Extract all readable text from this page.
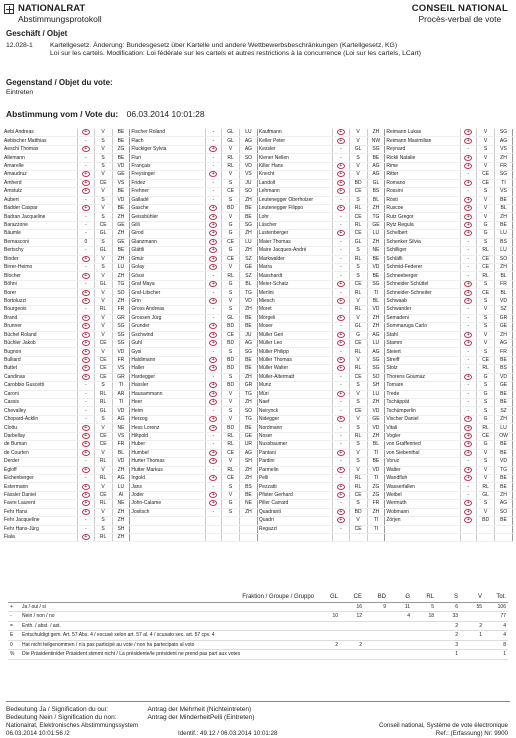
NATIONALRAT
Abstimmungsprotokoll
CONSEIL NATIONAL
Procès-verbal de vote
Geschäft / Objet
12.028-1	Kartellgesetz. Änderung: Bundesgesetz über Kartelle und andere Wettbewerbsbeschränkungen (Kartellgesetz, KG)
Loi sur les cartels. Modification: Loi fédérale sur les cartels et autres restrictions à la concurrence (Loi sur les cartels, LCart)
Gegenstand / Objet du vote:
Eintreten
Abstimmung vom / Vote du: 06.03.2014 10:01:28
Aebi Andreas	+	V	BE	Fischer Roland	-	GL	LU	Kaufmann	+	V	ZH	Reimann Lukas	+	V	SG
Aebischer Matthias	-	S	BE	Flach	-	GL	AG	Keller Peter	+	V	NW	Reimann Maximilian	+	V	AG
Aeschi Thomas	+	V	ZG	Fluckiger Sylvia	+	V	AG	Kessler	-	GL	SG	Reynard	-	S	VS
Allemann	-	S	BE	Fluri	-	RL	SO	Kiener Nellen	-	S	BE	Rickli Natalie	+	V	ZH
Amarelle	-	S	VD	Français	-	RL	VD	Killer Hans	+	V	AG	Rime	+	V	FR
Amaudruz	+	V	GE	Freysinger	+	V	VS	Knecht	+	V	AG	Ritter	-	CE	SG
Amherd	+	CE	VS	Fridez	-	S	JU	Landolt	+	BD	GL	Romano	+	CE	TI
Amstutz	+	V	BE	Frehner	-	CE	SO	Lehmann	+	CE	BS	Rossini	-	S	VS
Aubert	-	S	VD	Galladé	-	S	ZH	Leutenegger Oberholzer	-	S	BL	Rösti	+	V	BE
Badder Caspar	+	V	BE	Gasche	+	BD	BE	Leutenegger Filippo	+	RL	ZH	Ruscoe	+	V	BL
Badran Jacqueline	-	S	ZH	Geissbühler	+	V	BE	Lohr	-	CE	TG	Rutz Gregor	+	V	ZH
Barazzone	-	CE	GE	Gilli	+	G	SG	Lüscher	-	RL	GE	Rytz Regula	+	G	BE
Bäumle	-	GL	ZH	Girod	+	G	ZH	Lustenberger	+	CE	LU	Schelbert	+	G	LU
Bernasconi	0	S	GE	Glanzmann	+	CE	LU	Maier Thomas	-	GL	ZH	Schenker Silvia	-	S	BS
Bertschy	-	GL	BE	Glättli	+	G	ZH	Maire Jacques-André	-	S	NE	Schilliger	-	RL	LU
Binder	+	V	ZH	Gmür	+	CE	SZ	Markwalder	-	RL	BE	Schläfli	-	CE	SO
Birrer-Heimo	-	S	LU	Golay	+	V	GE	Marra	-	S	VD	Schmid-Federer	-	CE	ZH
Blocher	+	V	ZH	Gössi	-	RL	SZ	Masshardt	-	S	BE	Schneeberger	-	RL	BL
Böhni	-	GL	TG	Graf Maya	+	G	BL	Meier-Schatz	+	CE	SG	Schneider Schüttel	+	S	FR
Borer	+	V	SO	Graf-Litscher	-	S	TG	Merlini	-	RL	TI	Schneider-Schneiter	+	CE	BL
Bortoluzzi	+	V	ZH	Grin	+	V	VD	Miesch	+	V	BL	Schwaab	+	S	VD
Bourgeois	-	RL	FR	Gross Andreas	-	S	ZH	Moret	-	RL	VD	Schwander	-	V	SZ
Brand	+	V	GR	Grossen Jürg	-	GL	BE	Mörgeli	+	V	ZH	Semadeni	-	S	GR
Brunner	+	V	SG	Grunder	+	BD	BE	Moser	-	GL	ZH	Sommaruga Carlo	-	S	GE
Büchel Roland	+	V	SG	Gschwind	+	CE	JU	Müller Geri	+	G	AG	Stahl	+	V	ZH
Büchler Jakob	+	CE	SG	Guhl	+	BD	AG	Müller Leo	+	CE	LU	Stamm	+	V	AG
Bugnon	+	V	VD	Gysi	-	S	SG	Müller Philipp	-	RL	AG	Steiert	-	S	FR
Bulliard	+	CE	FR	Haldimann	+	BD	BE	Müller Thomas	+	V	SG	Streiff	-	CE	BE
Buttet	+	CE	VS	Haller	+	BD	BE	Müller Walter	+	RL	SG	Stolz	-	RL	BS
Candinas	+	CE	GR	Hardegger	-	S	ZH	Müller-Altermatt	-	CE	SO	Thorens Goumaz	+	G	VD
Carobbio Guscetti	-	S	TI	Hassler	+	BD	GR	Munz	-	S	SH	Tornare	-	S	GE
Caroni	-	RL	AR	Hausammann	+	V	TG	Müri	+	V	LU	Trede	-	G	BE
Cassis	-	RL	TI	Heer	+	V	ZH	Naef	-	S	ZH	Tschäppät	-	S	BE
Chevalley	-	GL	VD	Heim	-	S	SO	Neirynck	-	CE	VD	Tschümperlin	-	S	SZ
Chopard-Acklin	-	S	AG	Herzog	+	V	TG	Nidegger	+	V	GE	Vischer Daniel	+	G	ZH
Clottu	+	V	NE	Hess Lorenz	+	BD	BE	Nordmann	-	S	VD	Vitali	+	RL	LU
Darbellay	+	CE	VS	Hiltpold	-	RL	GE	Noser	-	RL	ZH	Vogler	+	CE	OW
de Buman	+	CE	FR	Huber	-	RL	UR	Nussbaumer	-	S	BL	von Graffenried	+	G	BE
de Courten	+	V	BL	Humbel	+	CE	AG	Pantani	+	V	TI	von Siebenthal	+	V	BE
Derder	-	RL	VD	Hurter Thomas	+	V	SH	Pardini	-	S	BE	Voruz	-	S	VD
Egloff	+	V	ZH	Hutter Markus	-	RL	ZH	Parmelin	+	V	VD	Walter	+	V	TG
Eichenberger	-	RL	AG	Ingold	+	CE	ZH	Pelli	-	RL	TI	Wandfluh	+	V	BE
Estermann	+	V	LU	Jans	-	S	BS	Pezzatti	+	RL	ZG	Wasserfallen	-	RL	BE
Fässler Daniel	+	CE	AI	Joder	+	V	BE	Pfister Gerhard	+	CE	ZG	Weibel	-	GL	ZH
Favre Laurent	+	RL	NE	John-Calame	+	G	NE	Piller Carrard	-	S	FR	Wermuth	+	S	AG
Fehr Hans	+	V	ZH	Jositsch	-	S	ZH	Quadranti	+	BD	ZH	Wobmann	+	V	SO
Fehr Jacqueline	-	S	ZH					Quadri	+	V	TI	Zörjen	+	BD	BE
Fehr Hans-Jürg	-	S	SH					Regazzi	-	CE	TI				
Fiala	+	RL	ZH												
	Fraktion / Groupe / Gruppo	GL	CE	BD	G	RL	S	V	Tot.
+	Ja / oui / si		16	9	11	5	6	55	106
-	Nein / non / no	10	12		4	18	33		77
=	Enth. / abst. / ast.						2	2	4
E	Entschuldigt gem. Art. 57 Abs. 4 / excusé selon art. 57 al. 4 / scusato sec. art. 57 cpv. 4						2	1	4
0	Hat nicht teilgenommen / n'a pas participé au vote / non ha partecipato al voto	2	2				3		8
%	Die Präsidentin/der Präsident stimmt nicht / La présidente/le président ne prend pas part aux votes						1		1
Bedeutung Ja / Signification du oui:	Antrag der Mehrheit (Nichteintreten)
Bedeutung Nein / Signification du non:	Antrag der MinderheitPelli (Eintreten)
Nationalrat, Elektronisches Abstimmungssystem
06.03.2014 10:01:56 /2	Identif.: 49.12 / 06.03.2014 10:01:28
Conseil national, Système de vote électronique
Ref.: (Erfassung) Nr: 9900
